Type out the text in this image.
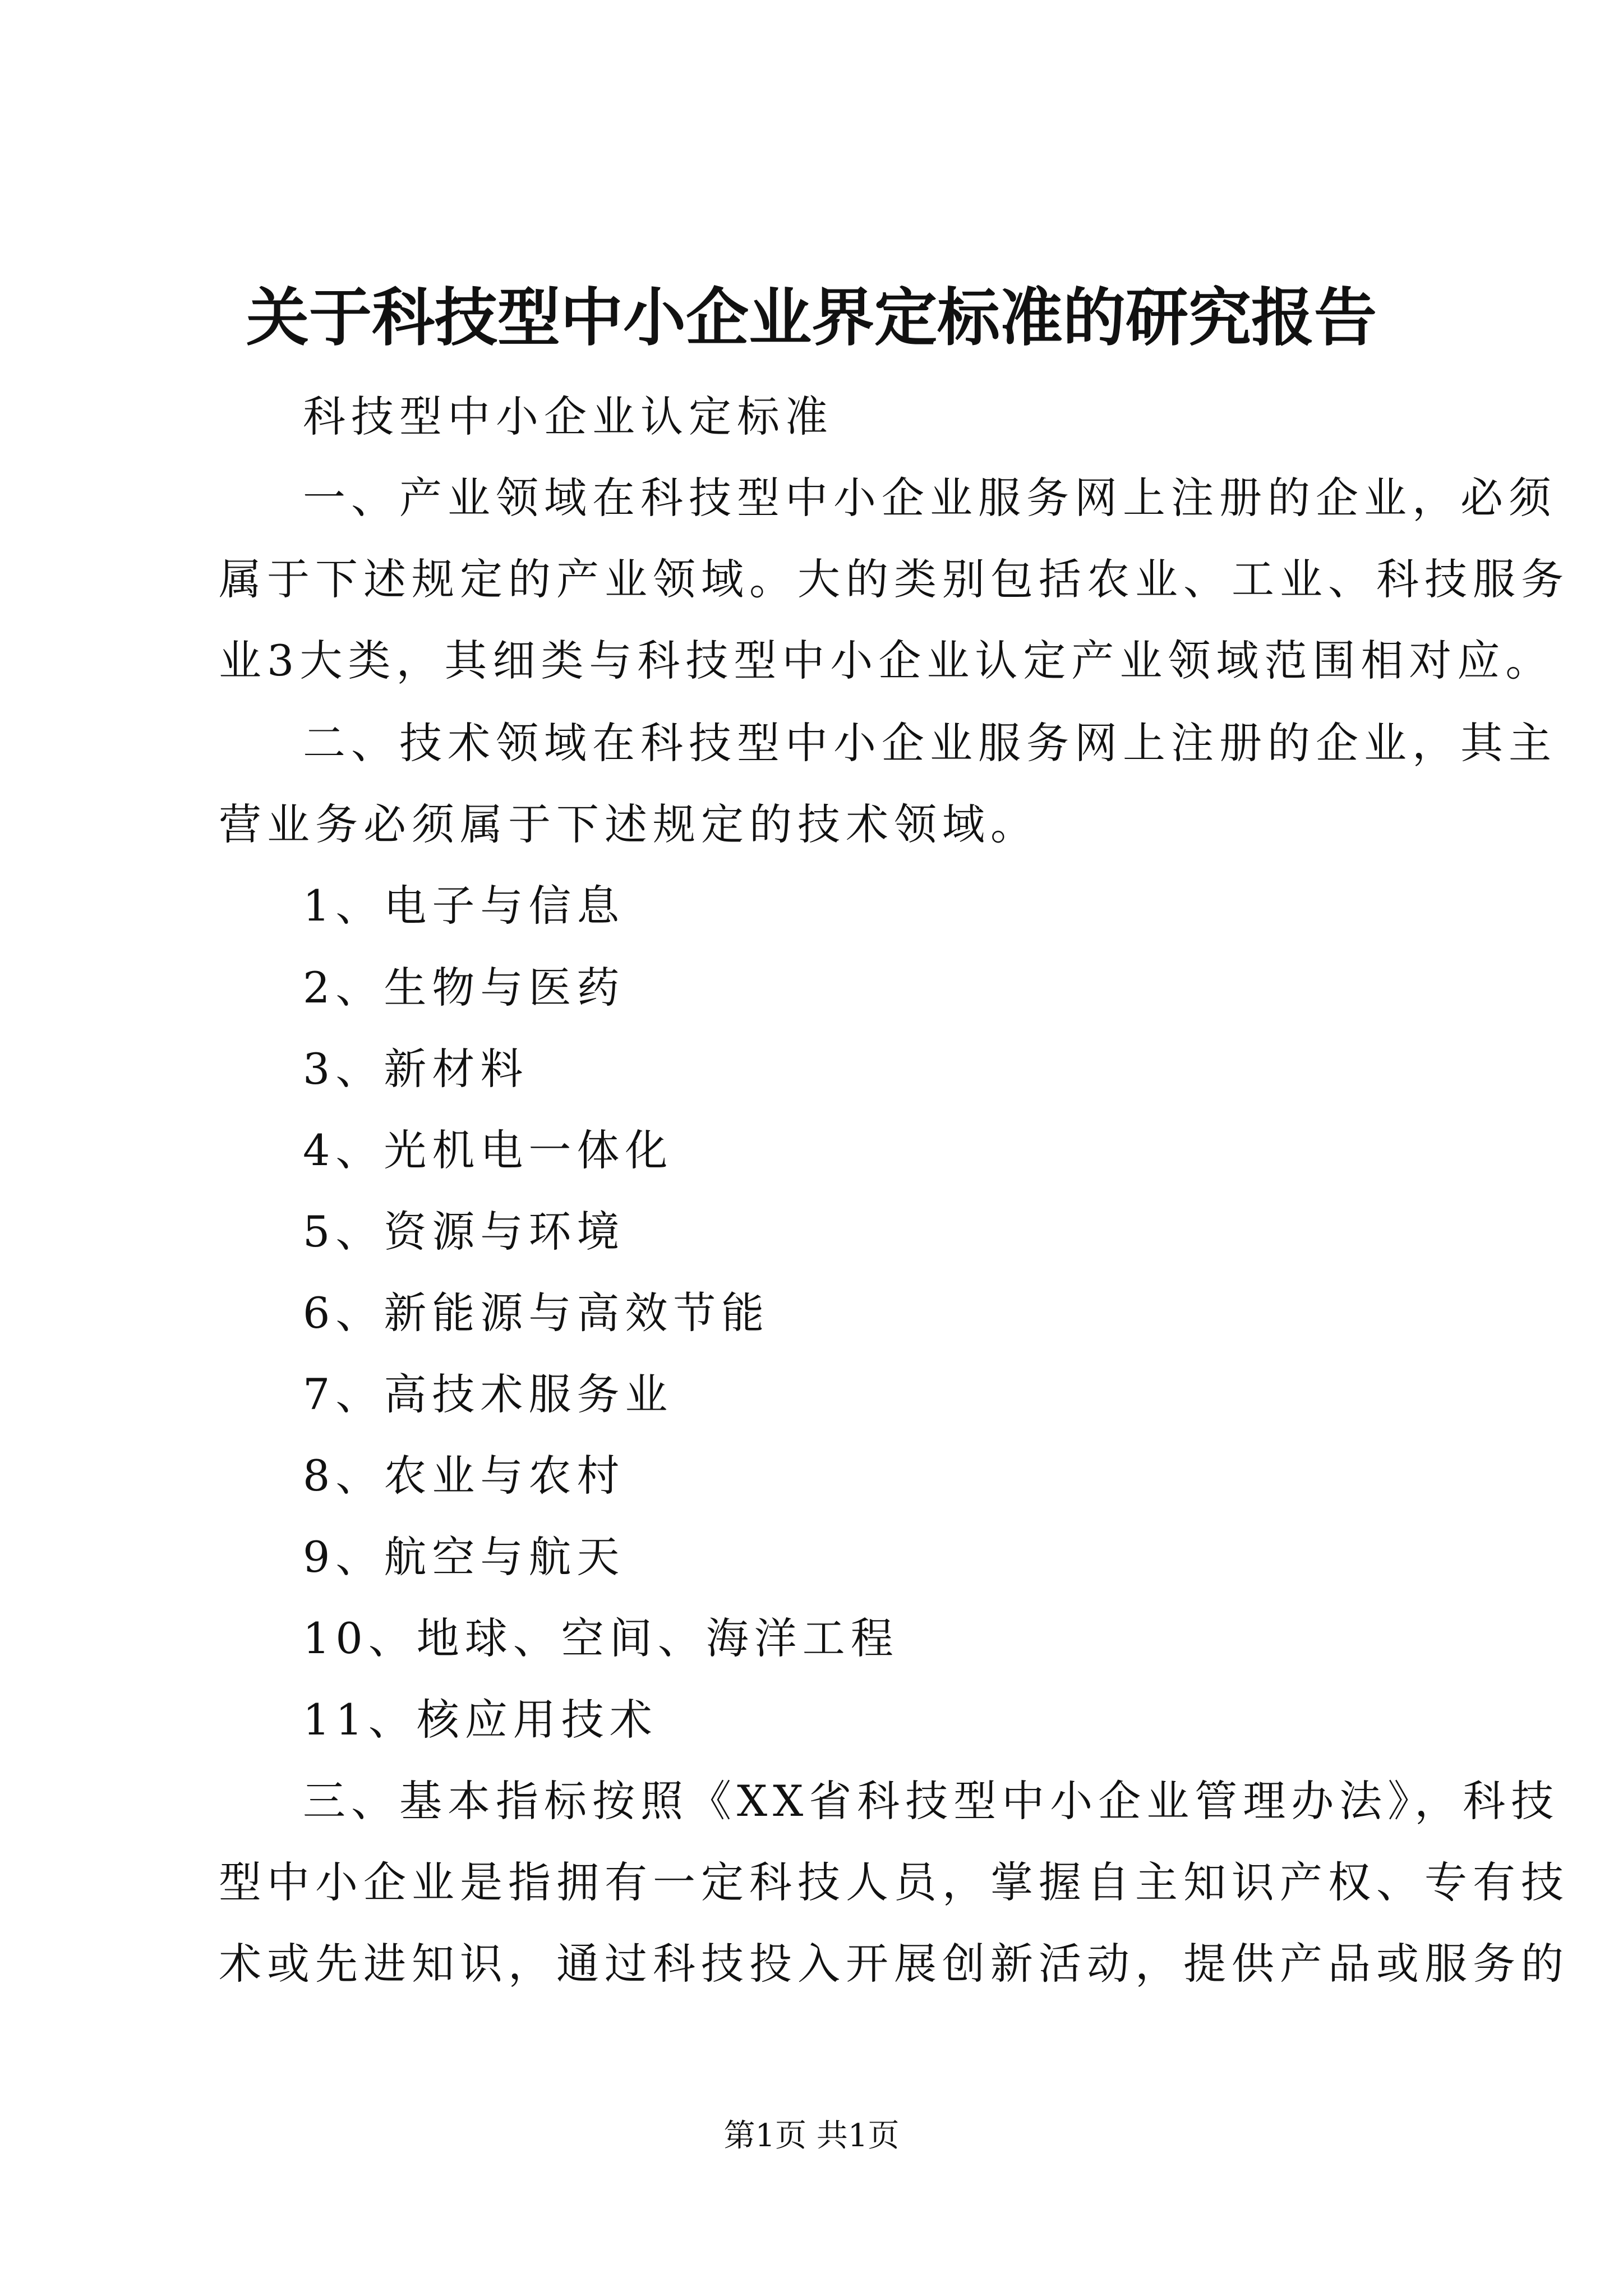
关于科技型中小企业界定标准的研究报告
科技型中小企业认定标准
一、产业领域在科技型中小企业服务网上注册的企业，必须
属于下述规定的产业领域。大的类别包括农业、工业、科技服务
业3大类，其细类与科技型中小企业认定产业领域范围相对应。
二、技术领域在科技型中小企业服务网上注册的企业，其主
营业务必须属于下述规定的技术领域。
1、电子与信息
2、生物与医药
3、新材料
4、光机电一体化
5、资源与环境
6、新能源与高效节能
7、高技术服务业
8、农业与农村
9、航空与航天
10、地球、空间、海洋工程
11、核应用技术
三、基本指标按照《XX省科技型中小企业管理办法》，科技
型中小企业是指拥有一定科技人员，掌握自主知识产权、专有技
术或先进知识，通过科技投入开展创新活动，提供产品或服务的
第1页 共1页
